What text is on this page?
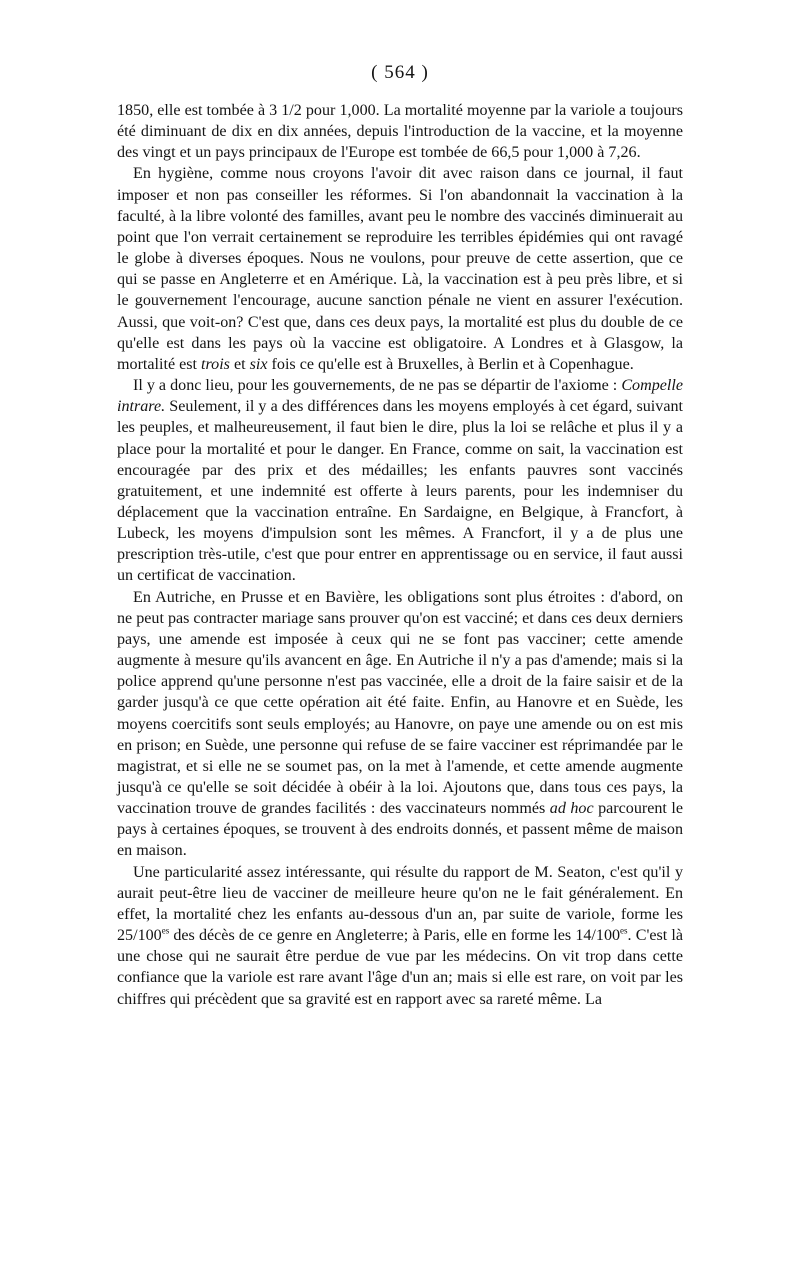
( 564 )

1850, elle est tombée à 3 1/2 pour 1,000. La mortalité moyenne par la variole a toujours été diminuant de dix en dix années, depuis l'introduction de la vaccine, et la moyenne des vingt et un pays principaux de l'Europe est tombée de 66,5 pour 1,000 à 7,26.

En hygiène, comme nous croyons l'avoir dit avec raison dans ce journal, il faut imposer et non pas conseiller les réformes. Si l'on abandonnait la vaccination à la faculté, à la libre volonté des familles, avant peu le nombre des vaccinés diminuerait au point que l'on verrait certainement se reproduire les terribles épidémies qui ont ravagé le globe à diverses époques. Nous ne voulons, pour preuve de cette assertion, que ce qui se passe en Angleterre et en Amérique. Là, la vaccination est à peu près libre, et si le gouvernement l'encourage, aucune sanction pénale ne vient en assurer l'exécution. Aussi, que voit-on? C'est que, dans ces deux pays, la mortalité est plus du double de ce qu'elle est dans les pays où la vaccine est obligatoire. A Londres et à Glasgow, la mortalité est trois et six fois ce qu'elle est à Bruxelles, à Berlin et à Copenhague.

Il y a donc lieu, pour les gouvernements, de ne pas se départir de l'axiome : Compelle intrare. Seulement, il y a des différences dans les moyens employés à cet égard, suivant les peuples, et malheureusement, il faut bien le dire, plus la loi se relâche et plus il y a place pour la mortalité et pour le danger. En France, comme on sait, la vaccination est encouragée par des prix et des médailles; les enfants pauvres sont vaccinés gratuitement, et une indemnité est offerte à leurs parents, pour les indemniser du déplacement que la vaccination entraîne. En Sardaigne, en Belgique, à Francfort, à Lubeck, les moyens d'impulsion sont les mêmes. A Francfort, il y a de plus une prescription très-utile, c'est que pour entrer en apprentissage ou en service, il faut aussi un certificat de vaccination.

En Autriche, en Prusse et en Bavière, les obligations sont plus étroites : d'abord, on ne peut pas contracter mariage sans prouver qu'on est vacciné; et dans ces deux derniers pays, une amende est imposée à ceux qui ne se font pas vacciner; cette amende augmente à mesure qu'ils avancent en âge. En Autriche il n'y a pas d'amende; mais si la police apprend qu'une personne n'est pas vaccinée, elle a droit de la faire saisir et de la garder jusqu'à ce que cette opération ait été faite. Enfin, au Hanovre et en Suède, les moyens coercitifs sont seuls employés; au Hanovre, on paye une amende ou on est mis en prison; en Suède, une personne qui refuse de se faire vacciner est réprimandée par le magistrat, et si elle ne se soumet pas, on la met à l'amende, et cette amende augmente jusqu'à ce qu'elle se soit décidée à obéir à la loi. Ajoutons que, dans tous ces pays, la vaccination trouve de grandes facilités : des vaccinateurs nommés ad hoc parcourent le pays à certaines époques, se trouvent à des endroits donnés, et passent même de maison en maison.

Une particularité assez intéressante, qui résulte du rapport de M. Seaton, c'est qu'il y aurait peut-être lieu de vacciner de meilleure heure qu'on ne le fait généralement. En effet, la mortalité chez les enfants au-dessous d'un an, par suite de variole, forme les $25/100^{es}$ des décès de ce genre en Angleterre; à Paris, elle en forme les $14/100^{es}$. C'est là une chose qui ne saurait être perdue de vue par les médecins. On vit trop dans cette confiance que la variole est rare avant l'âge d'un an; mais si elle est rare, on voit par les chiffres qui précèdent que sa gravité est en rapport avec sa rareté même. La
